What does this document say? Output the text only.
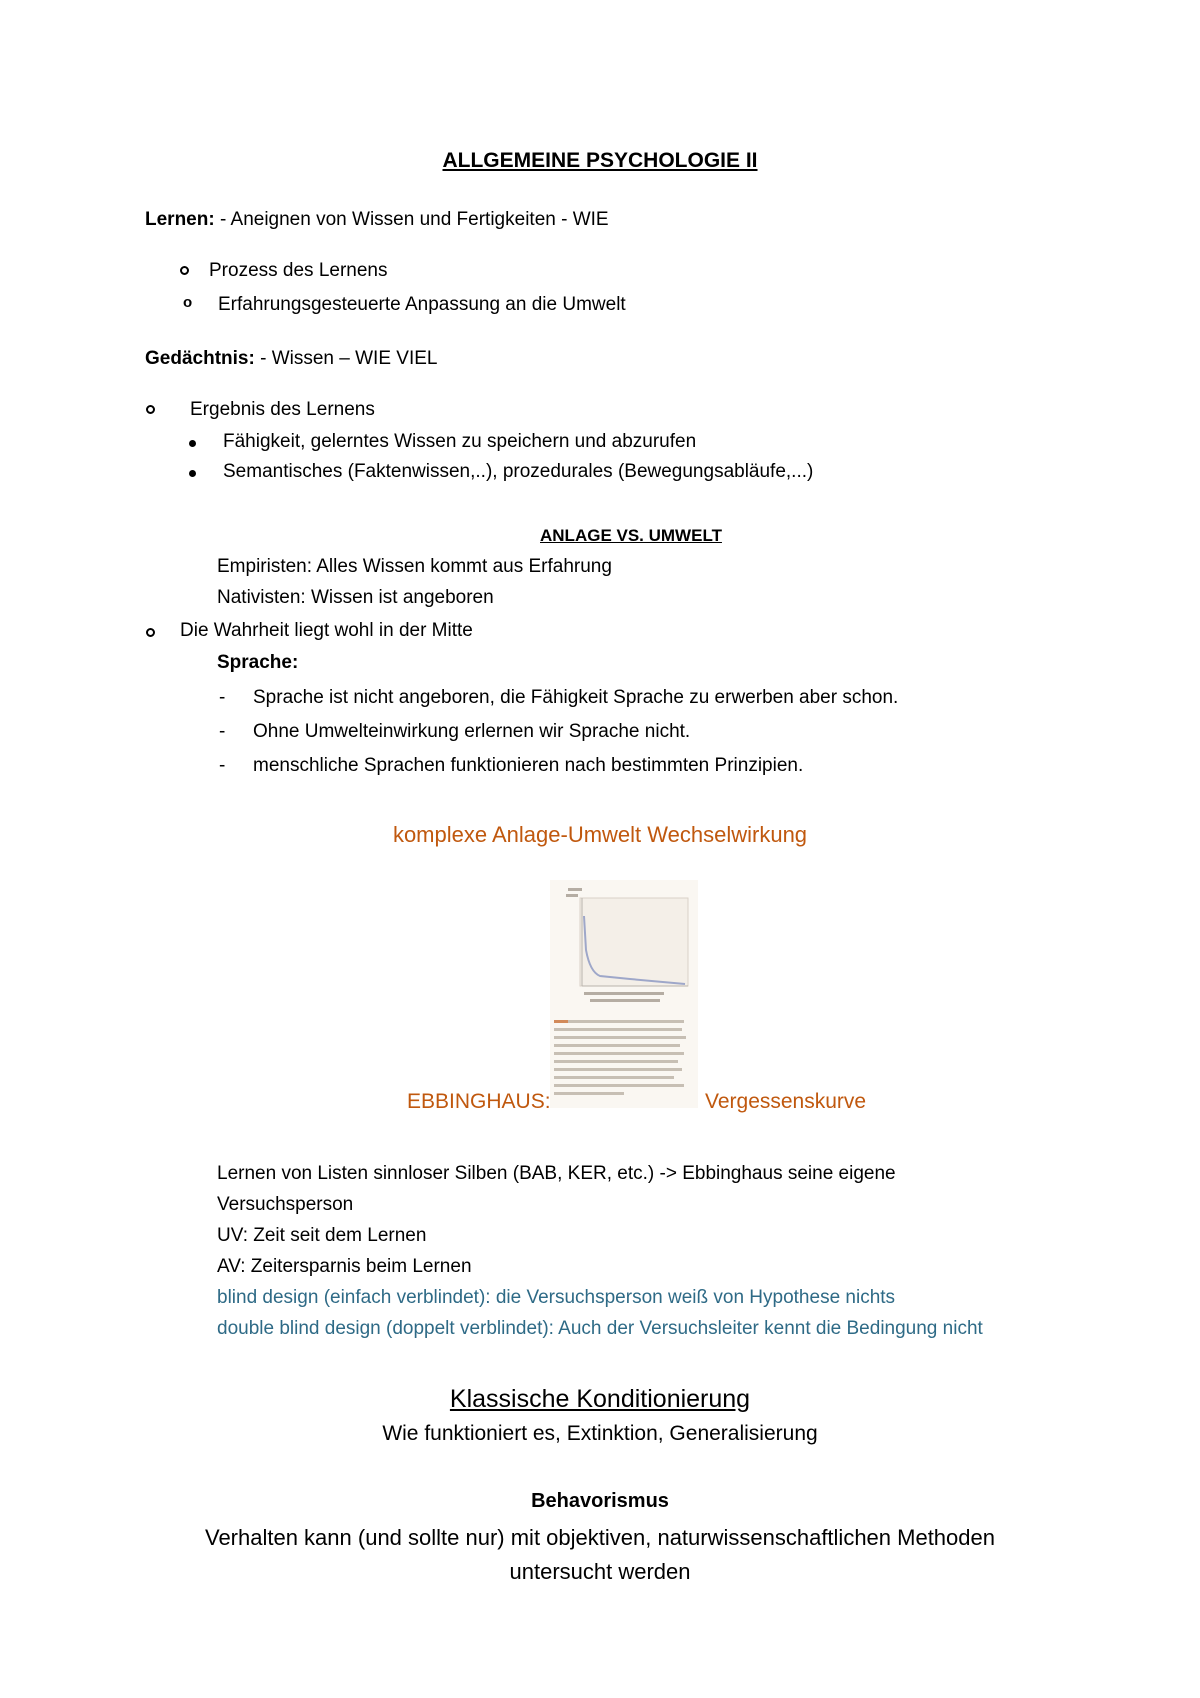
ALLGEMEINE PSYCHOLOGIE II
Lernen: - Aneignen von Wissen und Fertigkeiten - WIE
Prozess des Lernens
o Erfahrungsgesteuerte Anpassung an die Umwelt
Gedächtnis: - Wissen – WIE VIEL
Ergebnis des Lernens
Fähigkeit, gelerntes Wissen zu speichern und abzurufen
Semantisches (Faktenwissen,..), prozedurales (Bewegungsabläufe,...)
ANLAGE VS. UMWELT
Empiristen: Alles Wissen kommt aus Erfahrung
Nativisten: Wissen ist angeboren
Die Wahrheit liegt wohl in der Mitte
Sprache:
- Sprache ist nicht angeboren, die Fähigkeit Sprache zu erwerben aber schon.
- Ohne Umwelteinwirkung erlernen wir Sprache nicht.
- menschliche Sprachen funktionieren nach bestimmten Prinzipien.
komplexe Anlage-Umwelt Wechselwirkung
EBBINGHAUS:	Vergessenskurve
Lernen von Listen sinnloser Silben (BAB, KER, etc.) -> Ebbinghaus seine eigene
Versuchsperson
UV: Zeit seit dem Lernen
AV: Zeitersparnis beim Lernen
blind design (einfach verblindet): die Versuchsperson weiß von Hypothese nichts
double blind design (doppelt verblindet): Auch der Versuchsleiter kennt die Bedingung nicht
Klassische Konditionierung
Wie funktioniert es, Extinktion, Generalisierung
Behavorismus
Verhalten kann (und sollte nur) mit objektiven, naturwissenschaftlichen Methoden
untersucht werden
